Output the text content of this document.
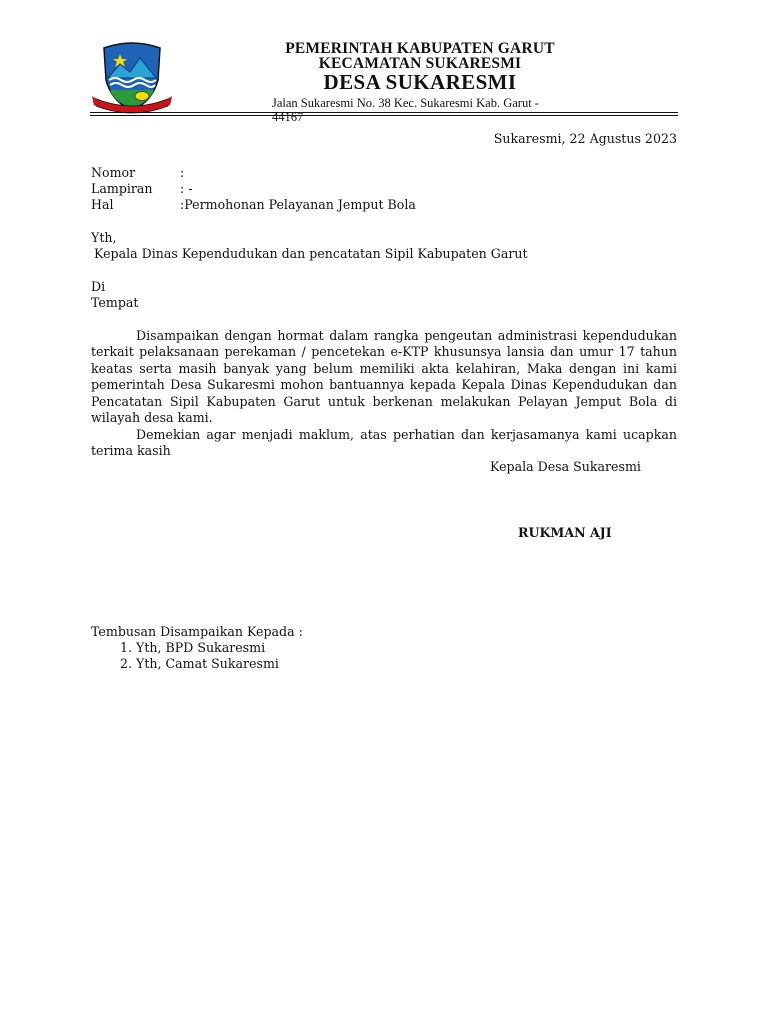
PEMERINTAH KABUPATEN GARUT
KECAMATAN SUKARESMI
DESA SUKARESMI
Jalan Sukaresmi No. 38 Kec. Sukaresmi Kab. Garut - 44167
Sukaresmi, 22 Agustus 2023
Nomor	:
Lampiran : -
Hal	:Permohonan Pelayanan Jemput Bola
Yth,
Kepala Dinas Kependudukan dan pencatatan Sipil Kabupaten Garut
Di
Tempat
Disampaikan dengan hormat dalam rangka pengeutan administrasi kependudukan terkait pelaksanaan perekaman / pencetekan e-KTP khusunsya lansia dan umur 17 tahun keatas serta masih banyak yang belum memiliki akta kelahiran, Maka dengan ini kami pemerintah Desa Sukaresmi mohon bantuannya kepada Kepala Dinas Kependudukan dan Pencatatan Sipil Kabupaten Garut untuk berkenan melakukan Pelayan Jemput Bola di wilayah desa kami.
Demekian agar menjadi maklum, atas perhatian dan kerjasamanya kami ucapkan terima kasih
Kepala Desa Sukaresmi
RUKMAN AJI
Tembusan Disampaikan Kepada :
1. Yth, BPD Sukaresmi
2. Yth, Camat Sukaresmi
